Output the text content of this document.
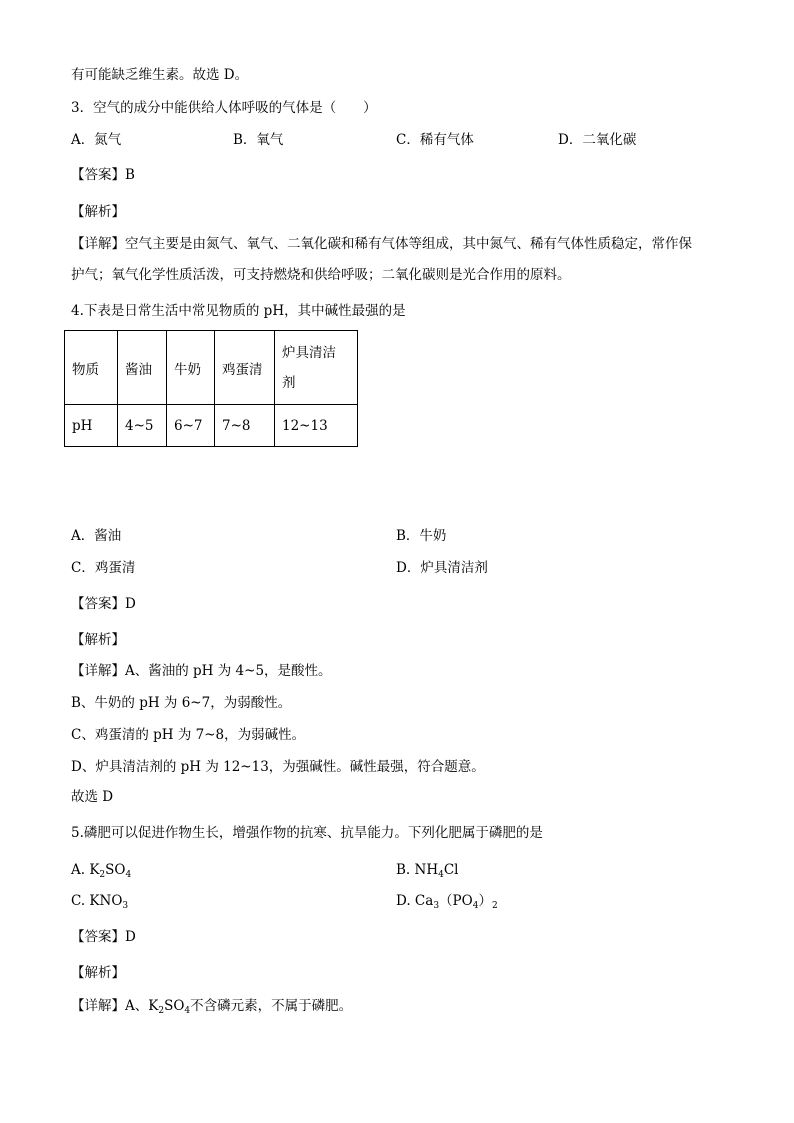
有可能缺乏维生素。故选 D。
3．空气的成分中能供给人体呼吸的气体是（　　）
A．氮气	B．氧气	C．稀有气体	D．二氧化碳
【答案】B
【解析】
【详解】空气主要是由氮气、氧气、二氧化碳和稀有气体等组成，其中氮气、稀有气体性质稳定，常作保
护气；氧气化学性质活泼，可支持燃烧和供给呼吸；二氧化碳则是光合作用的原料。
4.下表是日常生活中常见物质的 pH，其中碱性最强的是
物质	酱油	牛奶	鸡蛋清	炉具清洁
剂
pH	4~5	6~7	7~8	12~13
A．酱油	B．牛奶
C．鸡蛋清	D．炉具清洁剂
【答案】D
【解析】
【详解】A、酱油的 pH 为 4~5，是酸性。
B、牛奶的 pH 为 6~7，为弱酸性。
C、鸡蛋清的 pH 为 7~8，为弱碱性。
D、炉具清洁剂的 pH 为 12~13，为强碱性。碱性最强，符合题意。
故选 D
5.磷肥可以促进作物生长，增强作物的抗寒、抗旱能力。下列化肥属于磷肥的是
A. $K_2SO_4$	B. $NH_4Cl$
C. $KNO_3$	D. $Ca_3(PO_4)_2$
【答案】D
【解析】
【详解】A、$K_2SO_4$不含磷元素，不属于磷肥。
